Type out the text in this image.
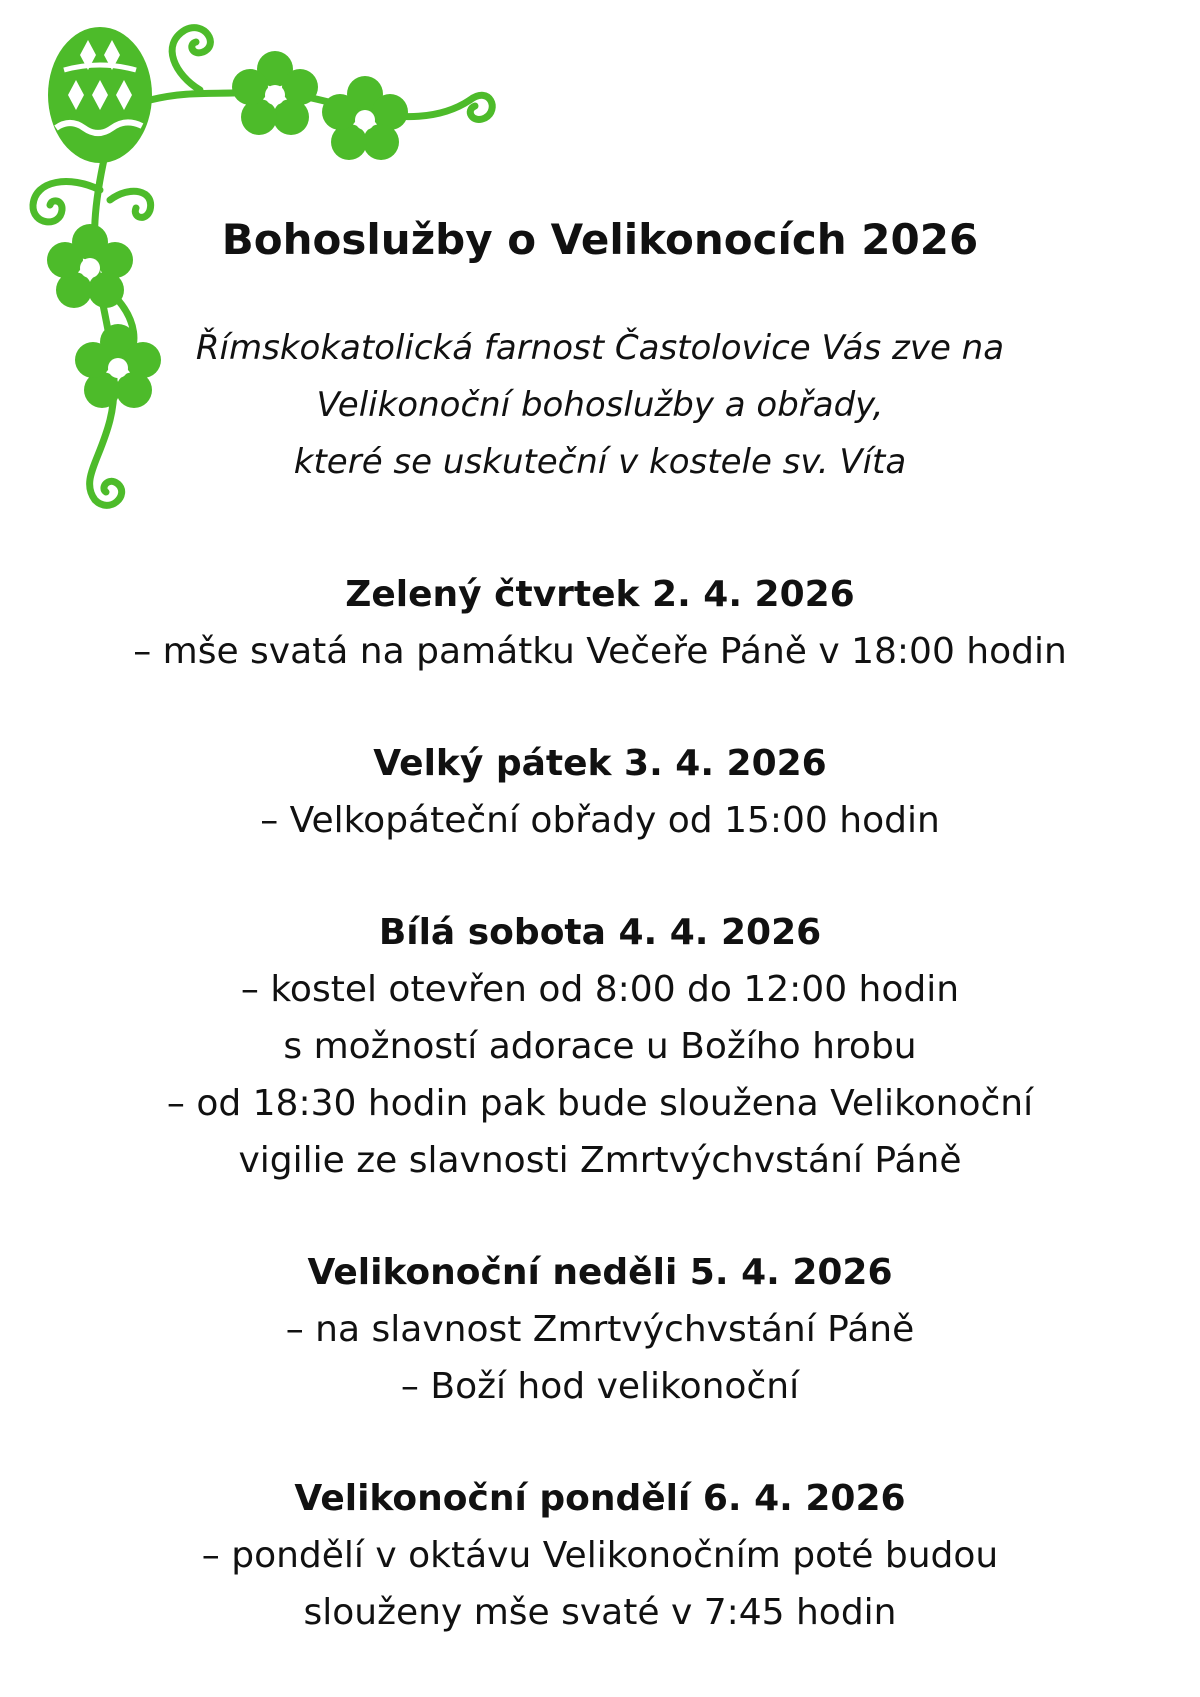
Bohoslužby o Velikonocích 2026
Římskokatolická farnost Častolovice Vás zve na
Velikonoční bohoslužby a obřady,
které se uskuteční v kostele sv. Víta
Zelený čtvrtek 2. 4. 2026
– mše svatá na památku Večeře Páně v 18:00 hodin
Velký pátek 3. 4. 2026
– Velkopáteční obřady od 15:00 hodin
Bílá sobota 4. 4. 2026
– kostel otevřen od 8:00 do 12:00 hodin
s možností adorace u Božího hrobu
– od 18:30 hodin pak bude sloužena Velikonoční
vigilie ze slavnosti Zmrtvýchvstání Páně
Velikonoční neděli 5. 4. 2026
– na slavnost Zmrtvýchvstání Páně
– Boží hod velikonoční
Velikonoční pondělí 6. 4. 2026
– pondělí v oktávu Velikonočním poté budou
slouženy mše svaté v 7:45 hodin
